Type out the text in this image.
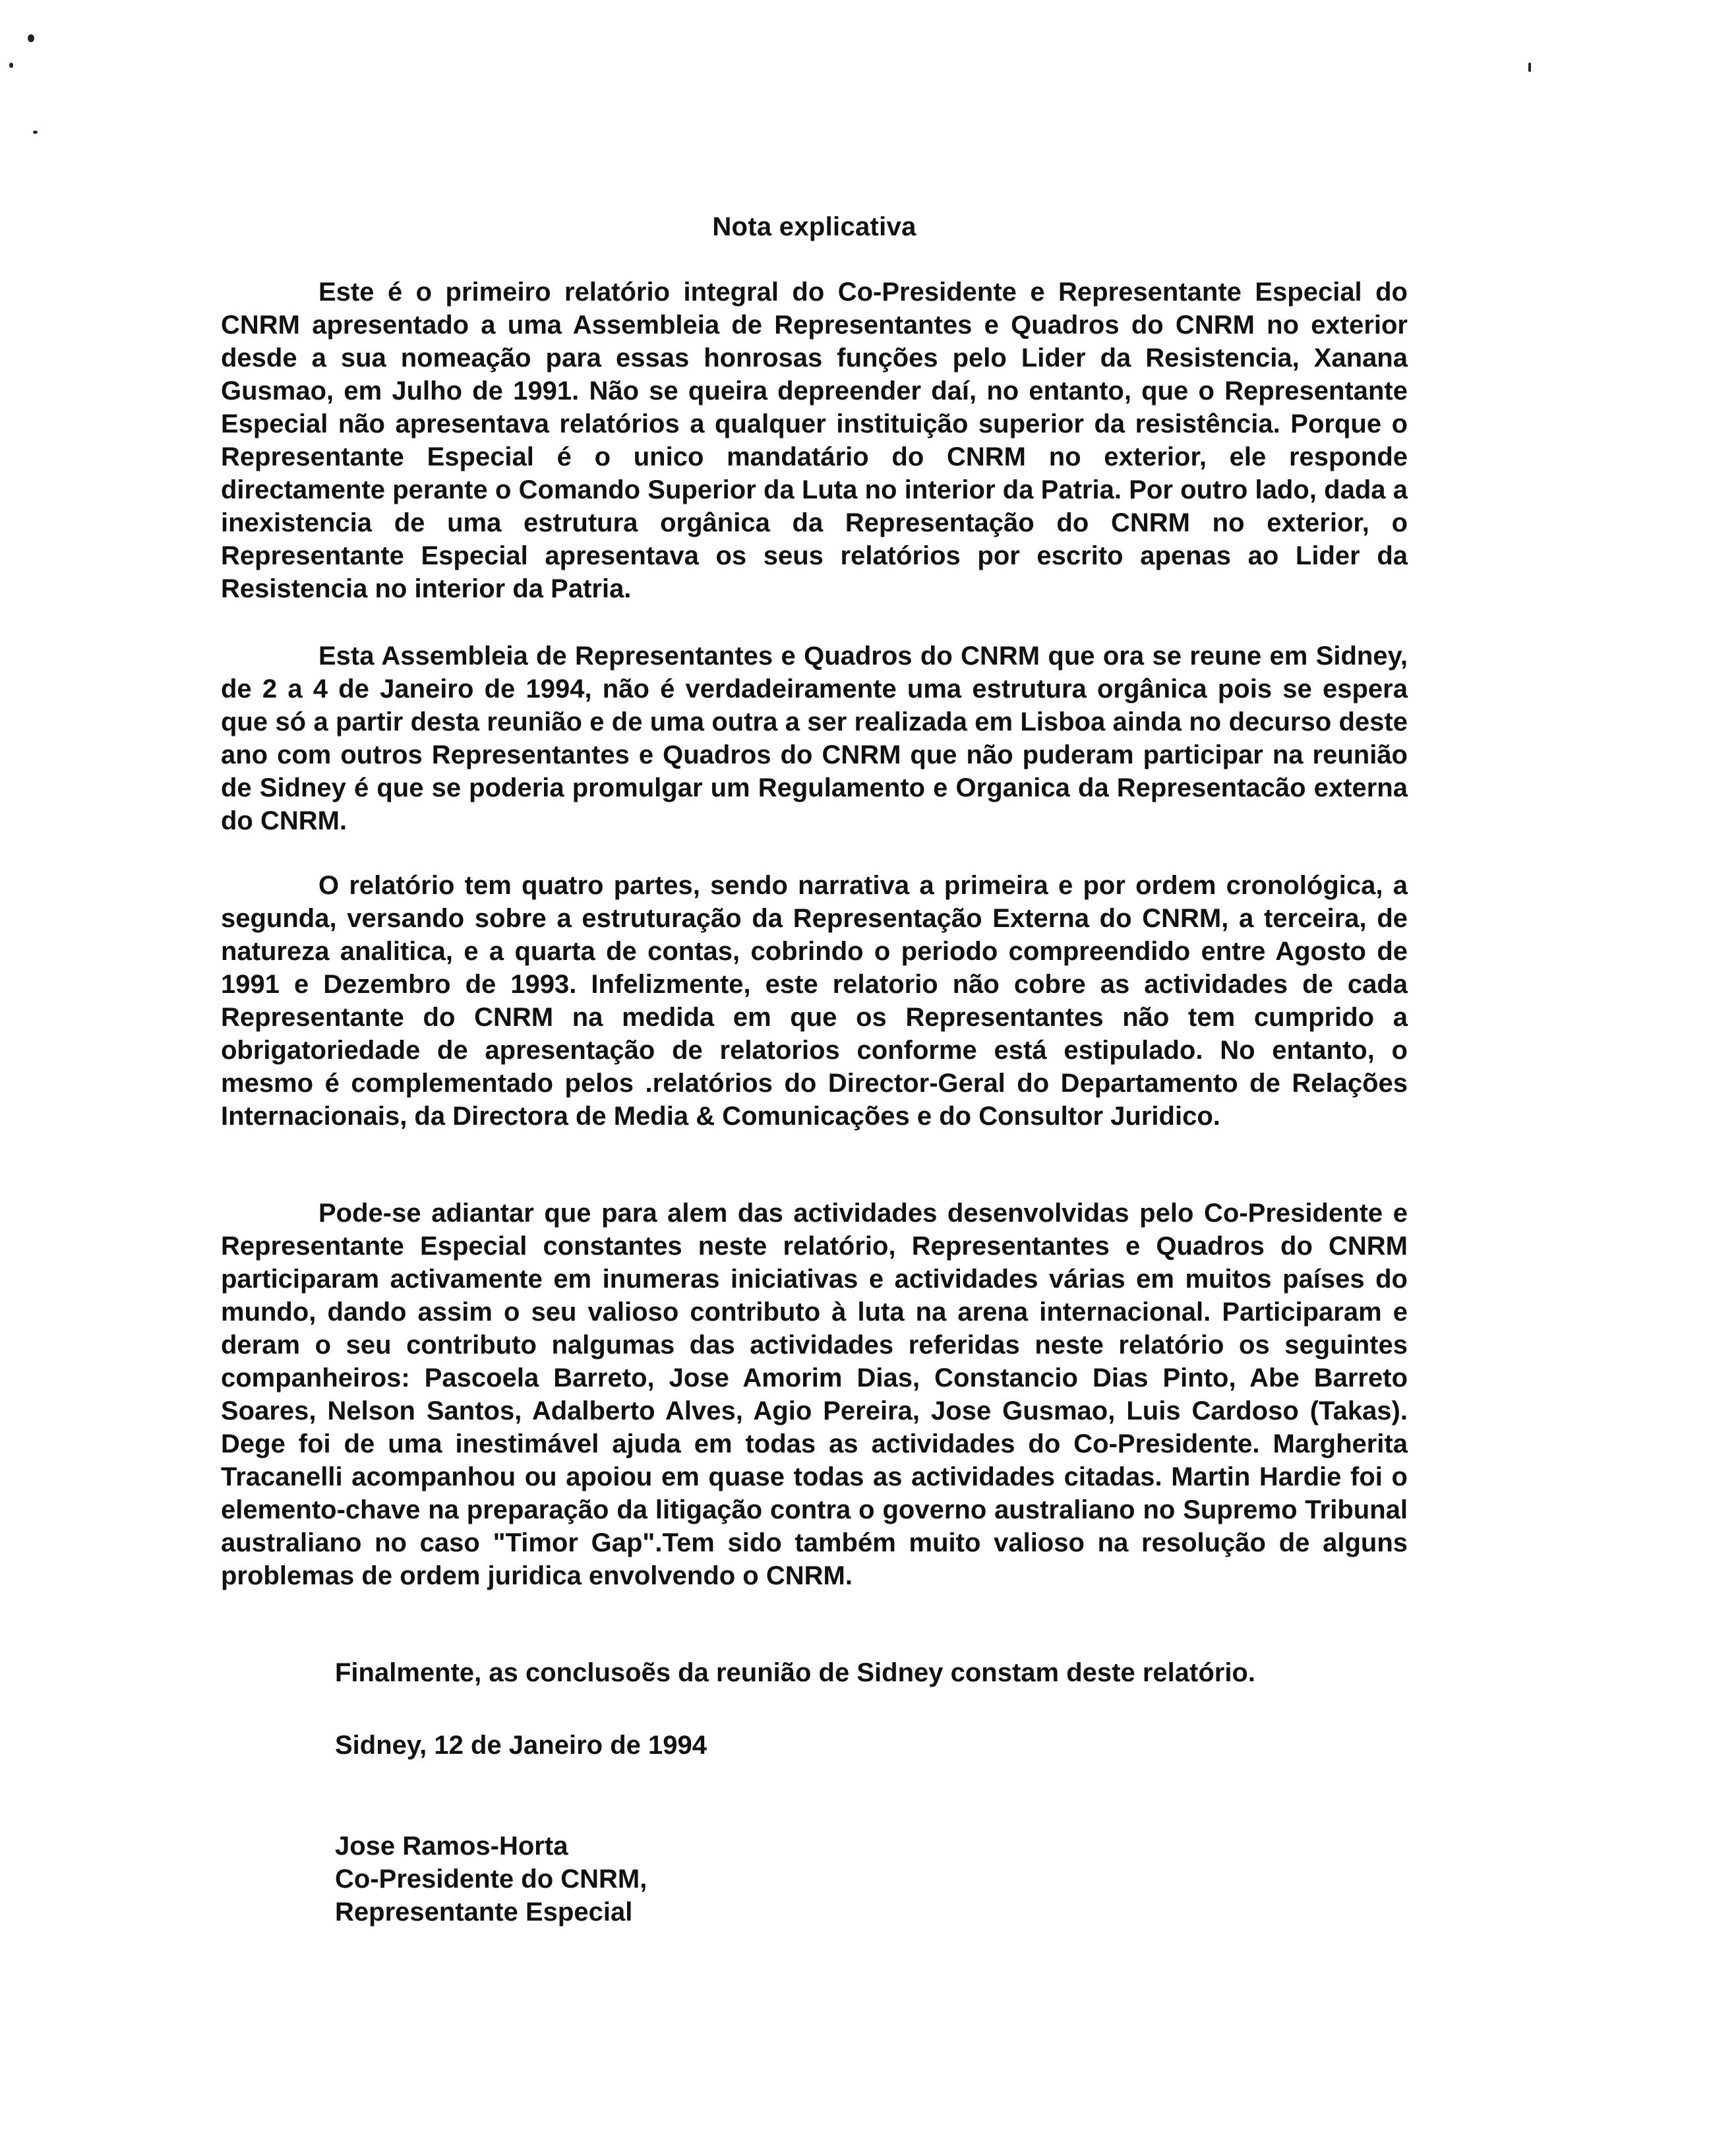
Nota explicativa

Este é o primeiro relatório integral do Co-Presidente e Representante Especial do CNRM apresentado a uma Assembleia de Representantes e Quadros do CNRM no exterior desde a sua nomeação para essas honrosas funções pelo Lider da Resistencia, Xanana Gusmao, em Julho de 1991. Não se queira depreender daí, no entanto, que o Representante Especial não apresentava relatórios a qualquer instituição superior da resistência. Porque o Representante Especial é o unico mandatário do CNRM no exterior, ele responde directamente perante o Comando Superior da Luta no interior da Patria. Por outro lado, dada a inexistencia de uma estrutura orgânica da Representação do CNRM no exterior, o Representante Especial apresentava os seus relatórios por escrito apenas ao Lider da Resistencia no interior da Patria.

Esta Assembleia de Representantes e Quadros do CNRM que ora se reune em Sidney, de 2 a 4 de Janeiro de 1994, não é verdadeiramente uma estrutura orgânica pois se espera que só a partir desta reunião e de uma outra a ser realizada em Lisboa ainda no decurso deste ano com outros Representantes e Quadros do CNRM que não puderam participar na reunião de Sidney é que se poderia promulgar um Regulamento e Organica da Representacão externa do CNRM.

O relatório tem quatro partes, sendo narrativa a primeira e por ordem cronológica, a segunda, versando sobre a estruturação da Representação Externa do CNRM, a terceira, de natureza analitica, e a quarta de contas, cobrindo o periodo compreendido entre Agosto de 1991 e Dezembro de 1993. Infelizmente, este relatorio não cobre as actividades de cada Representante do CNRM na medida em que os Representantes não tem cumprido a obrigatoriedade de apresentação de relatorios conforme está estipulado. No entanto, o mesmo é complementado pelos .relatórios do Director-Geral do Departamento de Relações Internacionais, da Directora de Media & Comunicações e do Consultor Juridico.

Pode-se adiantar que para alem das actividades desenvolvidas pelo Co-Presidente e Representante Especial constantes neste relatório, Representantes e Quadros do CNRM participaram activamente em inumeras iniciativas e actividades várias em muitos países do mundo, dando assim o seu valioso contributo à luta na arena internacional. Participaram e deram o seu contributo nalgumas das actividades referidas neste relatório os seguintes companheiros: Pascoela Barreto, Jose Amorim Dias, Constancio Dias Pinto, Abe Barreto Soares, Nelson Santos, Adalberto Alves, Agio Pereira, Jose Gusmao, Luis Cardoso (Takas). Dege foi de uma inestimável ajuda em todas as actividades do Co-Presidente. Margherita Tracanelli acompanhou ou apoiou em quase todas as actividades citadas. Martin Hardie foi o elemento-chave na preparação da litigação contra o governo australiano no Supremo Tribunal australiano no caso "Timor Gap".Tem sido também muito valioso na resolução de alguns problemas de ordem juridica envolvendo o CNRM.

Finalmente, as conclusoẽs da reunião de Sidney constam deste relatório.

Sidney, 12 de Janeiro de 1994

Jose Ramos-Horta
Co-Presidente do CNRM,
Representante Especial
